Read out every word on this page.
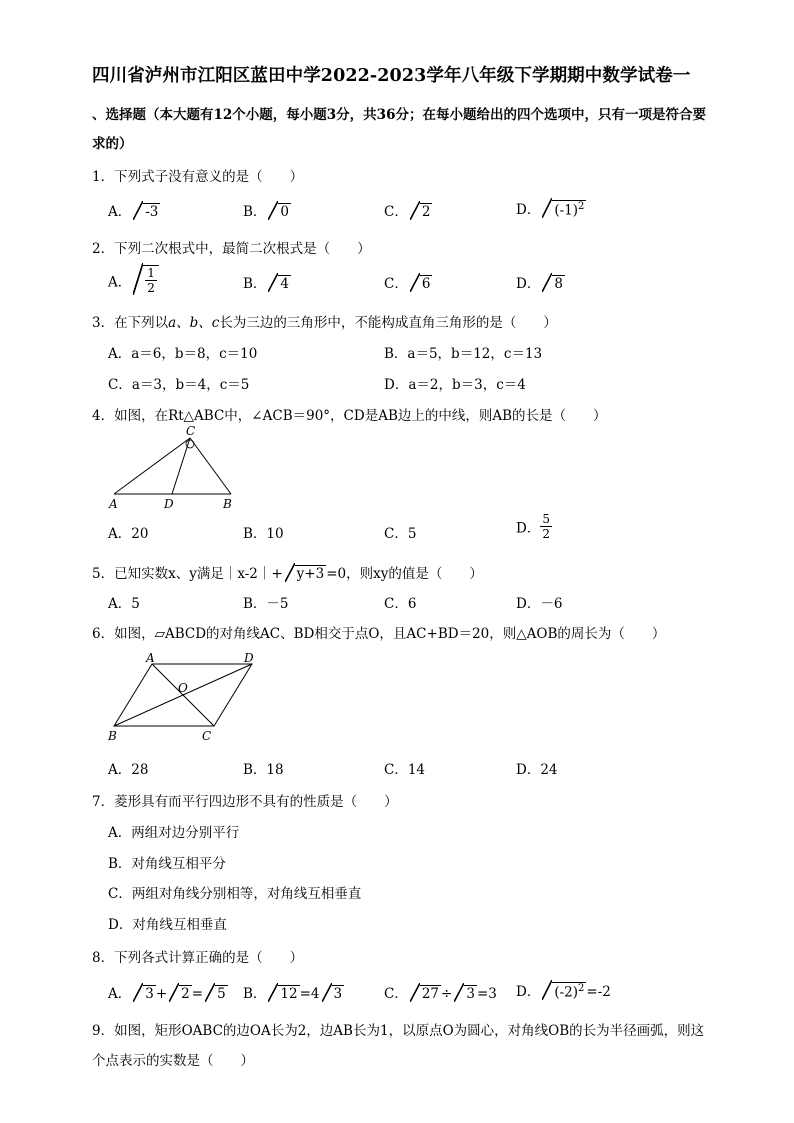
四川省泸州市江阳区蓝田中学2022-2023学年八年级下学期期中数学试卷一
、选择题（本大题有12个小题，每小题3分，共36分；在每小题给出的四个选项中，只有一项是符合要
求的）
1．下列式子没有意义的是（　　）
A． -3	B． 0	C． 2	D． $(-1)^2$
2．下列二次根式中，最简二次根式是（　　）
A． $\frac{1}{2}$	B． 4	C． 6	D． 8
3．在下列以a、b、c长为三边的三角形中，不能构成直角三角形的是（　　）
A．a＝6，b＝8，c＝10	B．a＝5，b＝12，c＝13
C．a＝3，b＝4，c＝5	D．a＝2，b＝3，c＝4
4．如图，在Rt△ABC中，∠ACB＝90°，CD是AB边上的中线，则AB的长是（　　）
C
A	D	B
A．20	B．10	C．5	D． $\frac{5}{2}$
5．已知实数x、y满足｜x-2｜+ y+3 =0，则xy的值是（　　）
A．5	B．－5	C．6	D．－6
6．如图，▱ABCD的对角线AC、BD相交于点O，且AC+BD＝20，则△AOB的周长为（　　）
A	D
O
B	C
A．28	B．18	C．14	D．24
7．菱形具有而平行四边形不具有的性质是（　　）
A．两组对边分别平行
B．对角线互相平分
C．两组对角线分别相等，对角线互相垂直
D．对角线互相垂直
8．下列各式计算正确的是（　　）
A． 3 + 2 = 5 B． 12 =4 3	C． 27 ÷ 3 =3 D． $(-2)^2 =-2$
9．如图，矩形OABC的边OA长为2，边AB长为1，以原点O为圆心，对角线OB的长为半径画弧，则这
个点表示的实数是（　　）
